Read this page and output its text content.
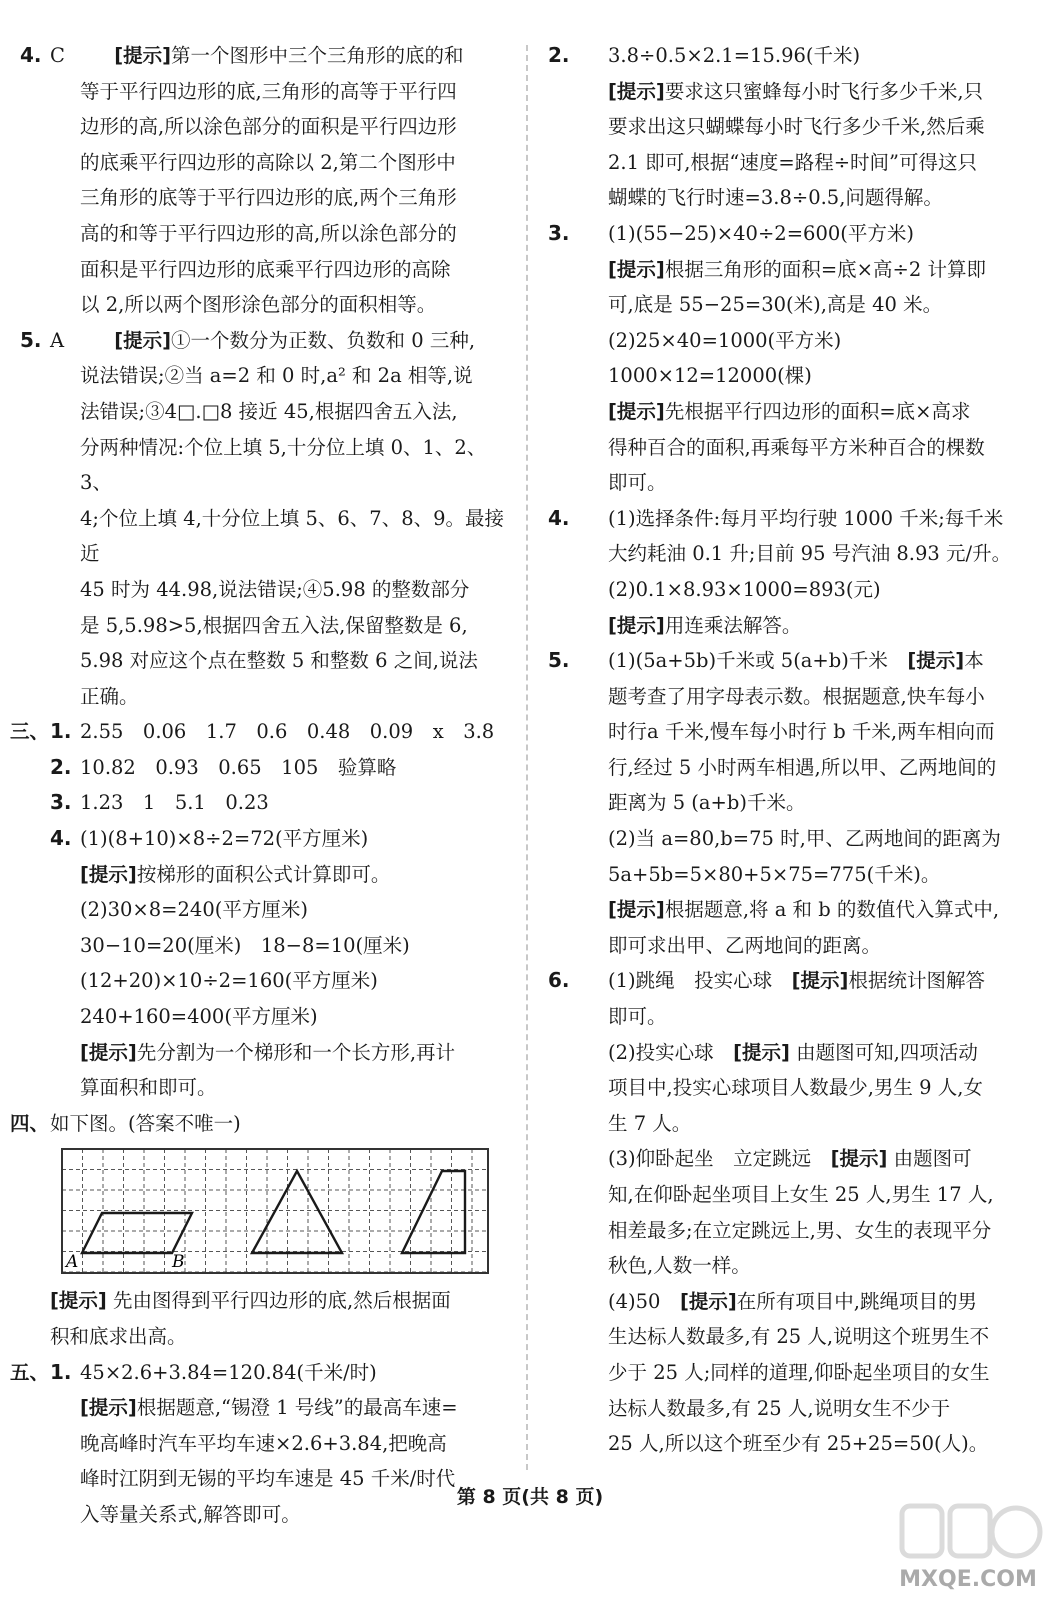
4. C	[提示]第一个图形中三个三角形的底的和

等于平行四边形的底,三角形的高等于平行四

边形的高,所以涂色部分的面积是平行四边形

的底乘平行四边形的高除以 2,第二个图形中

三角形的底等于平行四边形的底,两个三角形

高的和等于平行四边形的高,所以涂色部分的

面积是平行四边形的底乘平行四边形的高除

以 2,所以两个图形涂色部分的面积相等。

5. A	[提示]①一个数分为正数、负数和 0 三种,

说法错误;②当 a=2 和 0 时,a² 和 2a 相等,说

法错误;③4□.□8 接近 45,根据四舍五入法,

分两种情况:个位上填 5,十分位上填 0、1、2、3、

4;个位上填 4,十分位上填 5、6、7、8、9。最接近

45 时为 44.98,说法错误;④5.98 的整数部分

是 5,5.98>5,根据四舍五入法,保留整数是 6,

5.98 对应这个点在整数 5 和整数 6 之间,说法

正确。

三、1. 2.55　0.06　1.7　0.6　0.48　0.09　x　3.8

2. 10.82　0.93　0.65　105　验算略

3. 1.23　1　5.1　0.23

4. (1)(8+10)×8÷2=72(平方厘米)

[提示]按梯形的面积公式计算即可。

(2)30×8=240(平方厘米)

30−10=20(厘米)　18−8=10(厘米)

(12+20)×10÷2=160(平方厘米)

240+160=400(平方厘米)

[提示]先分割为一个梯形和一个长方形,再计

算面积和即可。

四、如下图。(答案不唯一)

A	B

[提示] 先由图得到平行四边形的底,然后根据面

积和底求出高。

五、1. 45×2.6+3.84=120.84(千米/时)

[提示]根据题意,“锡澄 1 号线”的最高车速=

晚高峰时汽车平均车速×2.6+3.84,把晚高

峰时江阴到无锡的平均车速是 45 千米/时代

入等量关系式,解答即可。

2. 3.8÷0.5×2.1=15.96(千米)

[提示]要求这只蜜蜂每小时飞行多少千米,只

要求出这只蝴蝶每小时飞行多少千米,然后乘

2.1 即可,根据“速度=路程÷时间”可得这只

蝴蝶的飞行时速=3.8÷0.5,问题得解。

3. (1)(55−25)×40÷2=600(平方米)

[提示]根据三角形的面积=底×高÷2 计算即

可,底是 55−25=30(米),高是 40 米。

(2)25×40=1000(平方米)

1000×12=12000(棵)

[提示]先根据平行四边形的面积=底×高求

得种百合的面积,再乘每平方米种百合的棵数

即可。

4. (1)选择条件:每月平均行驶 1000 千米;每千米

大约耗油 0.1 升;目前 95 号汽油 8.93 元/升。

(2)0.1×8.93×1000=893(元)

[提示]用连乘法解答。

5. (1)(5a+5b)千米或 5(a+b)千米　[提示]本

题考查了用字母表示数。根据题意,快车每小

时行a 千米,慢车每小时行 b 千米,两车相向而

行,经过 5 小时两车相遇,所以甲、乙两地间的

距离为 5 (a+b)千米。

(2)当 a=80,b=75 时,甲、乙两地间的距离为

5a+5b=5×80+5×75=775(千米)。

[提示]根据题意,将 a 和 b 的数值代入算式中,

即可求出甲、乙两地间的距离。

6. (1)跳绳　投实心球　[提示]根据统计图解答

即可。

(2)投实心球　[提示] 由题图可知,四项活动

项目中,投实心球项目人数最少,男生 9 人,女

生 7 人。

(3)仰卧起坐　立定跳远　[提示] 由题图可

知,在仰卧起坐项目上女生 25 人,男生 17 人,

相差最多;在立定跳远上,男、女生的表现平分

秋色,人数一样。

(4)50　[提示]在所有项目中,跳绳项目的男

生达标人数最多,有 25 人,说明这个班男生不

少于 25 人;同样的道理,仰卧起坐项目的女生

达标人数最多,有 25 人,说明女生不少于

25 人,所以这个班至少有 25+25=50(人)。

第 8 页(共 8 页)
MXQE.COM
